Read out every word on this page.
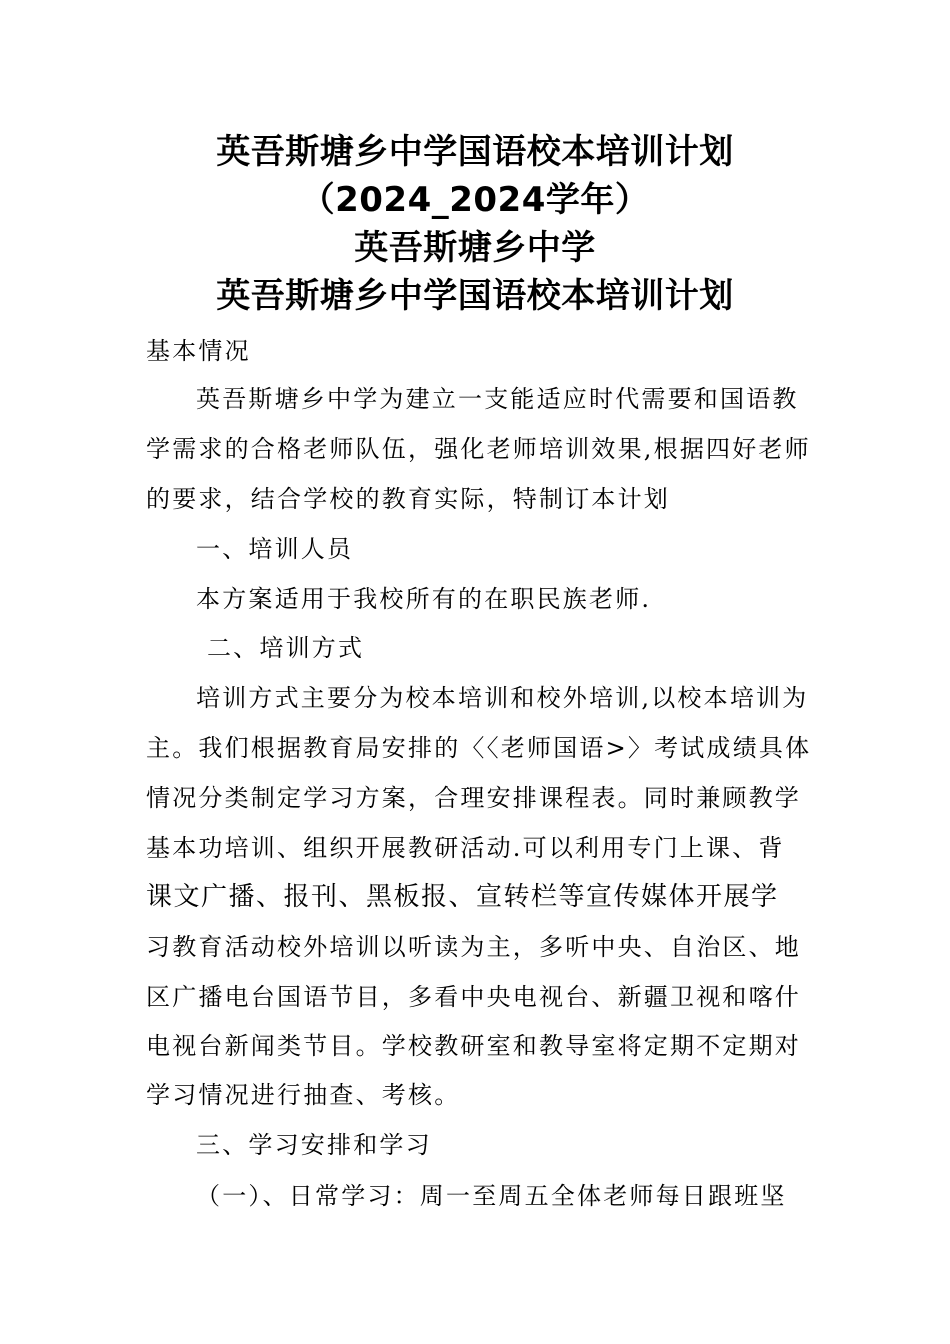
英吾斯塘乡中学国语校本培训计划
（2024_2024学年）
英吾斯塘乡中学
英吾斯塘乡中学国语校本培训计划
基本情况
英吾斯塘乡中学为建立一支能适应时代需要和国语教
学需求的合格老师队伍，强化老师培训效果,根据四好老师
的要求，结合学校的教育实际，特制订本计划
一、培训人员
本方案适用于我校所有的在职民族老师.
二、培训方式
培训方式主要分为校本培训和校外培训,以校本培训为
主。我们根据教育局安排的〈〈老师国语>〉考试成绩具体
情况分类制定学习方案，合理安排课程表。同时兼顾教学
基本功培训、组织开展教研活动.可以利用专门上课、背
课文广播、报刊、黑板报、宣转栏等宣传媒体开展学
习教育活动校外培训以听读为主，多听中央、自治区、地
区广播电台国语节目，多看中央电视台、新疆卫视和喀什
电视台新闻类节目。学校教研室和教导室将定期不定期对
学习情况进行抽查、考核。
三、学习安排和学习
（一）、日常学习：周一至周五全体老师每日跟班坚
